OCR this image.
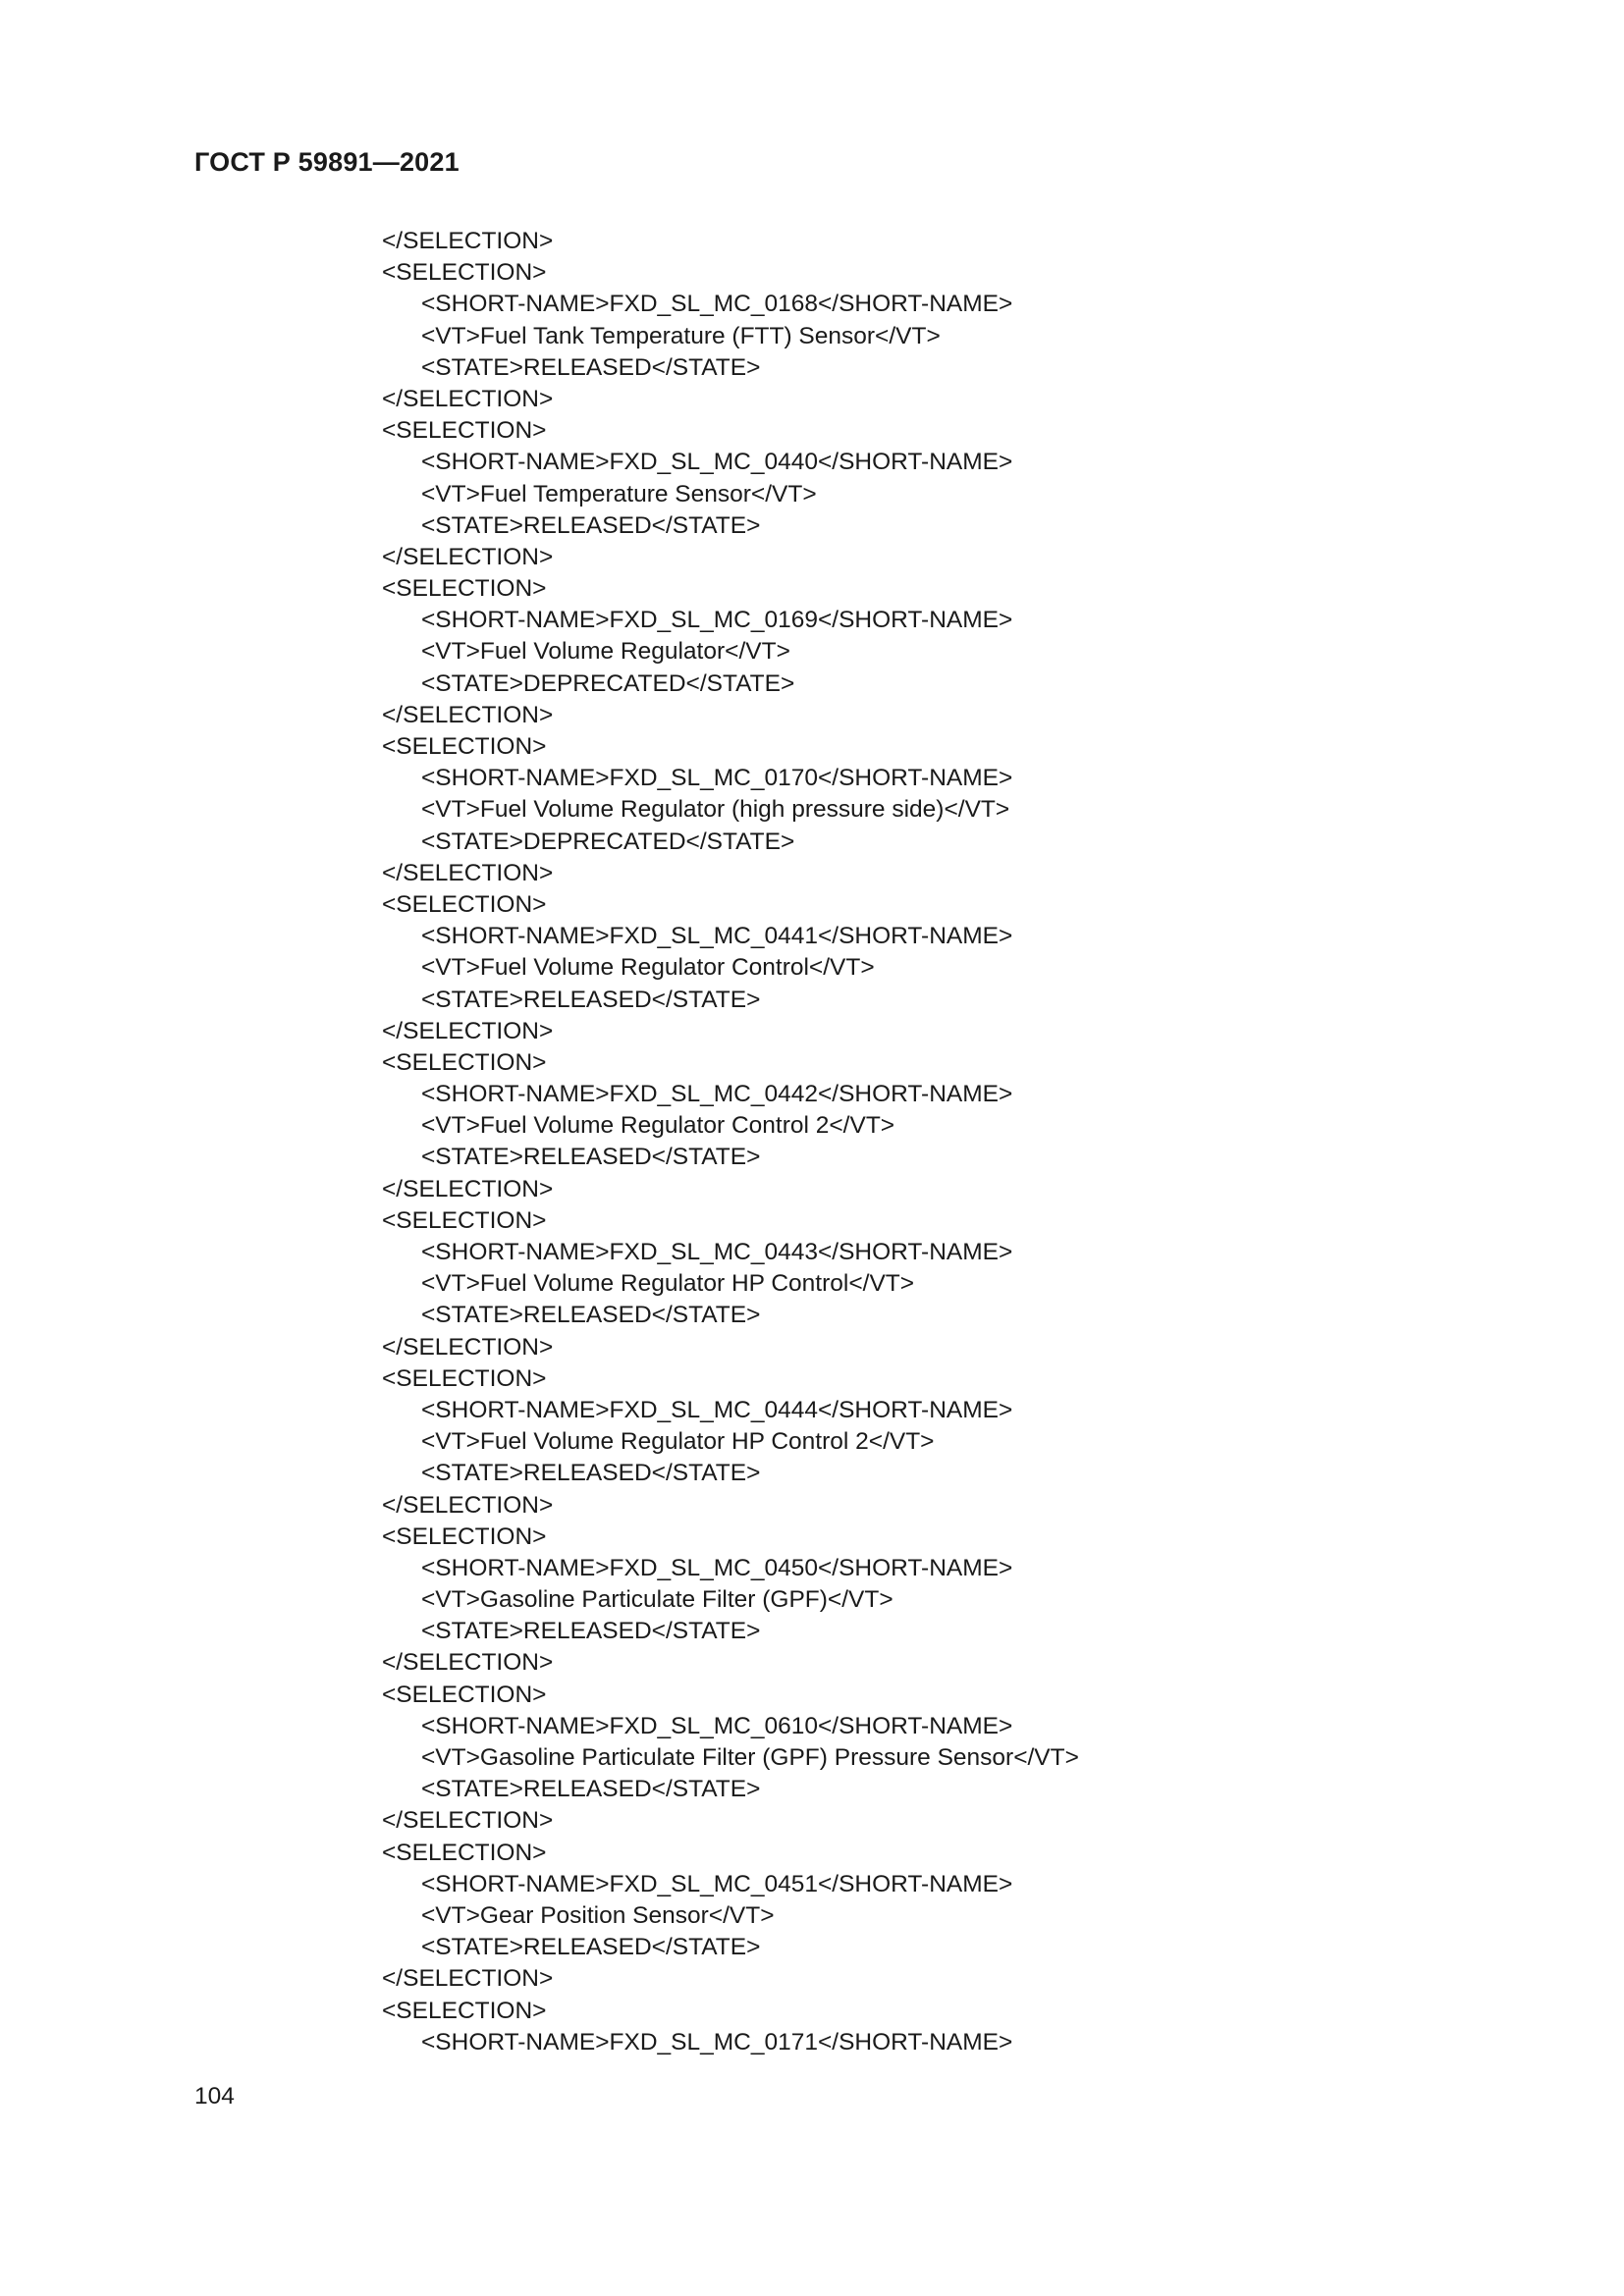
ГОСТ Р 59891—2021
</SELECTION>
<SELECTION>
<SHORT-NAME>FXD_SL_MC_0168</SHORT-NAME>
<VT>Fuel Tank Temperature (FTT) Sensor</VT>
<STATE>RELEASED</STATE>
</SELECTION>
<SELECTION>
<SHORT-NAME>FXD_SL_MC_0440</SHORT-NAME>
<VT>Fuel Temperature Sensor</VT>
<STATE>RELEASED</STATE>
</SELECTION>
<SELECTION>
<SHORT-NAME>FXD_SL_MC_0169</SHORT-NAME>
<VT>Fuel Volume Regulator</VT>
<STATE>DEPRECATED</STATE>
</SELECTION>
<SELECTION>
<SHORT-NAME>FXD_SL_MC_0170</SHORT-NAME>
<VT>Fuel Volume Regulator (high pressure side)</VT>
<STATE>DEPRECATED</STATE>
</SELECTION>
<SELECTION>
<SHORT-NAME>FXD_SL_MC_0441</SHORT-NAME>
<VT>Fuel Volume Regulator Control</VT>
<STATE>RELEASED</STATE>
</SELECTION>
<SELECTION>
<SHORT-NAME>FXD_SL_MC_0442</SHORT-NAME>
<VT>Fuel Volume Regulator Control 2</VT>
<STATE>RELEASED</STATE>
</SELECTION>
<SELECTION>
<SHORT-NAME>FXD_SL_MC_0443</SHORT-NAME>
<VT>Fuel Volume Regulator HP Control</VT>
<STATE>RELEASED</STATE>
</SELECTION>
<SELECTION>
<SHORT-NAME>FXD_SL_MC_0444</SHORT-NAME>
<VT>Fuel Volume Regulator HP Control 2</VT>
<STATE>RELEASED</STATE>
</SELECTION>
<SELECTION>
<SHORT-NAME>FXD_SL_MC_0450</SHORT-NAME>
<VT>Gasoline Particulate Filter (GPF)</VT>
<STATE>RELEASED</STATE>
</SELECTION>
<SELECTION>
<SHORT-NAME>FXD_SL_MC_0610</SHORT-NAME>
<VT>Gasoline Particulate Filter (GPF) Pressure Sensor</VT>
<STATE>RELEASED</STATE>
</SELECTION>
<SELECTION>
<SHORT-NAME>FXD_SL_MC_0451</SHORT-NAME>
<VT>Gear Position Sensor</VT>
<STATE>RELEASED</STATE>
</SELECTION>
<SELECTION>
<SHORT-NAME>FXD_SL_MC_0171</SHORT-NAME>
104
